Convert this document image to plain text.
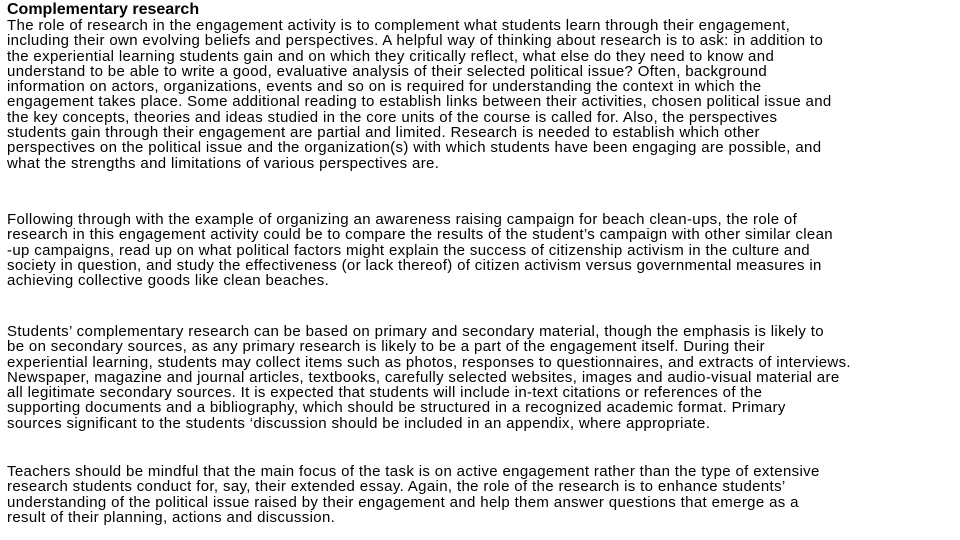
Complementary research
The role of research in the engagement activity is to complement what students learn through their engagement,
including their own evolving beliefs and perspectives. A helpful way of thinking about research is to ask: in addition to
the experiential learning students gain and on which they critically reflect, what else do they need to know and
understand to be able to write a good, evaluative analysis of their selected political issue? Often, background
information on actors, organizations, events and so on is required for understanding the context in which the
engagement takes place. Some additional reading to establish links between their activities, chosen political issue and
the key concepts, theories and ideas studied in the core units of the course is called for. Also, the perspectives
students gain through their engagement are partial and limited. Research is needed to establish which other
perspectives on the political issue and the organization(s) with which students have been engaging are possible, and
what the strengths and limitations of various perspectives are.
Following through with the example of organizing an awareness raising campaign for beach clean-ups, the role of
research in this engagement activity could be to compare the results of the student’s campaign with other similar clean
-up campaigns, read up on what political factors might explain the success of citizenship activism in the culture and
society in question, and study the effectiveness (or lack thereof) of citizen activism versus governmental measures in
achieving collective goods like clean beaches.
Students’ complementary research can be based on primary and secondary material, though the emphasis is likely to
be on secondary sources, as any primary research is likely to be a part of the engagement itself. During their
experiential learning, students may collect items such as photos, responses to questionnaires, and extracts of interviews.
Newspaper, magazine and journal articles, textbooks, carefully selected websites, images and audio-visual material are
all legitimate secondary sources. It is expected that students will include in-text citations or references of the
supporting documents and a bibliography, which should be structured in a recognized academic format. Primary
sources significant to the students ‘discussion should be included in an appendix, where appropriate.
Teachers should be mindful that the main focus of the task is on active engagement rather than the type of extensive
research students conduct for, say, their extended essay. Again, the role of the research is to enhance students’
understanding of the political issue raised by their engagement and help them answer questions that emerge as a
result of their planning, actions and discussion.
